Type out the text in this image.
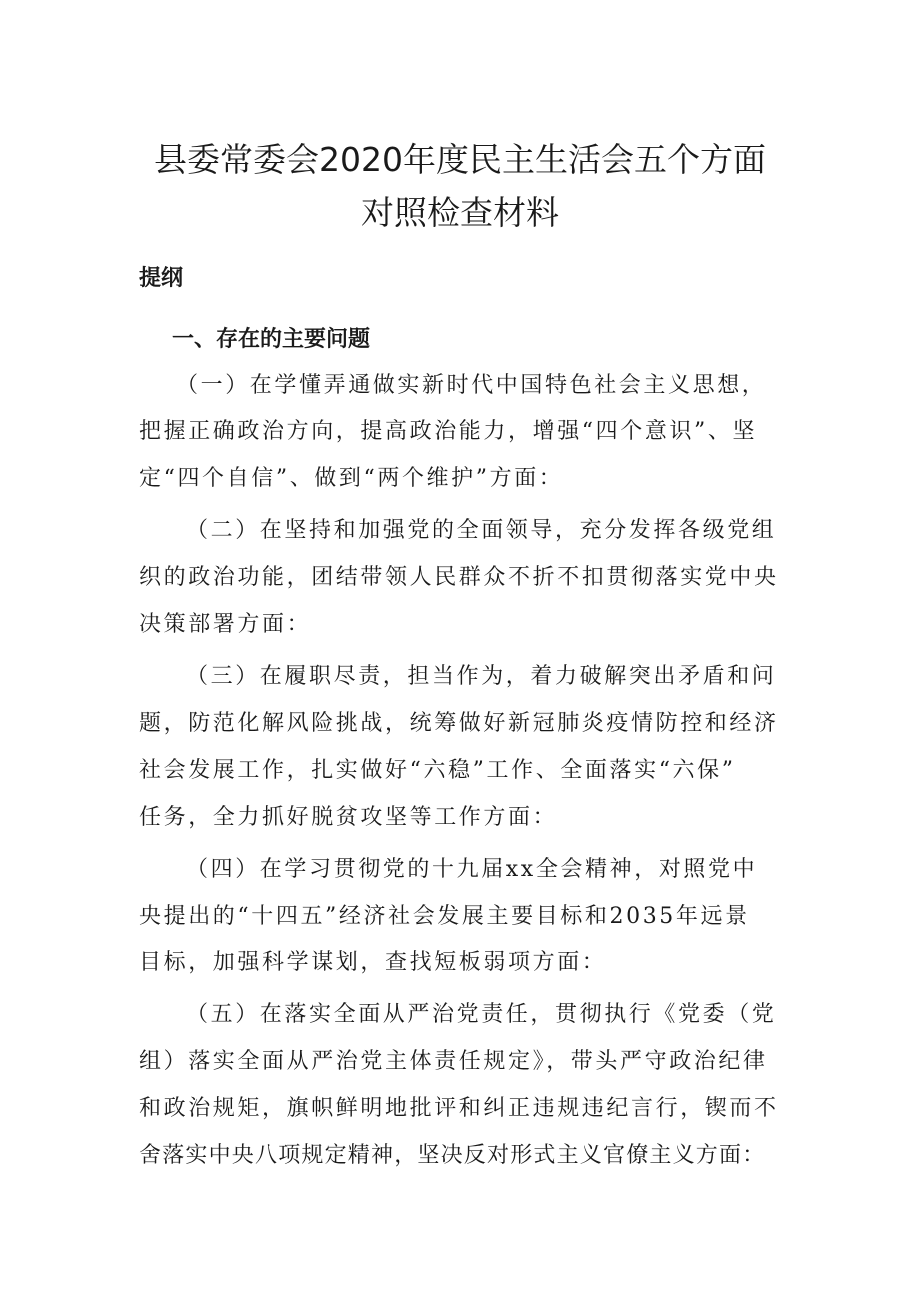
县委常委会2020年度民主生活会五个方面
对照检查材料
提纲
一、存在的主要问题
（一）在学懂弄通做实新时代中国特色社会主义思想，
把握正确政治方向，提高政治能力，增强“四个意识”、坚
定“四个自信”、做到“两个维护”方面：
（二）在坚持和加强党的全面领导，充分发挥各级党组
织的政治功能，团结带领人民群众不折不扣贯彻落实党中央
决策部署方面：
（三）在履职尽责，担当作为，着力破解突出矛盾和问
题，防范化解风险挑战，统筹做好新冠肺炎疫情防控和经济
社会发展工作，扎实做好“六稳”工作、全面落实“六保”
任务，全力抓好脱贫攻坚等工作方面：
（四）在学习贯彻党的十九届xx全会精神，对照党中
央提出的“十四五”经济社会发展主要目标和2035年远景
目标，加强科学谋划，查找短板弱项方面：
（五）在落实全面从严治党责任，贯彻执行《党委（党
组）落实全面从严治党主体责任规定》，带头严守政治纪律
和政治规矩，旗帜鲜明地批评和纠正违规违纪言行，锲而不
舍落实中央八项规定精神，坚决反对形式主义官僚主义方面：
